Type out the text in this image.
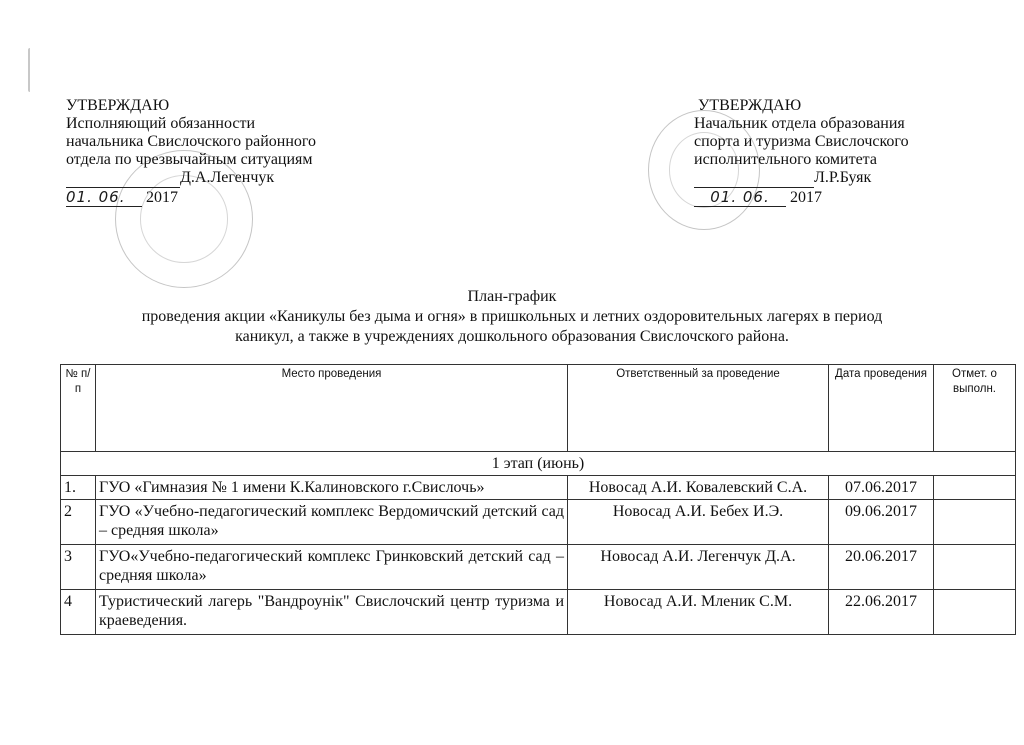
УТВЕРЖДАЮ
Исполняющий обязанности
начальника Свислочского районного
отдела по чрезвычайным ситуациям
Д.А.Легенчук
01. 06. 2017
УТВЕРЖДАЮ
Начальник отдела образования
спорта и туризма Свислочского
исполнительного комитета
Л.Р.Буяк
01. 06. 2017
План-график
проведения акции «Каникулы без дыма и огня» в пришкольных и летних оздоровительных лагерях в период
каникул, а также в учреждениях дошкольного образования Свислочского района.
№ п/п	Место проведения	Ответственный за проведение	Дата проведения	Отмет. о выполн.
1 этап (июнь)				
1.	ГУО «Гимназия № 1 имени К.Калиновского г.Свислочь»	Новосад А.И. Ковалевский С.А.	07.06.2017	
2	ГУО «Учебно-педагогический комплекс Вердомичский детский сад – средняя школа»	Новосад А.И. Бебех И.Э.	09.06.2017	
3	ГУО«Учебно-педагогический комплекс Гринковский детский сад – средняя школа»	Новосад А.И. Легенчук Д.А.	20.06.2017	
4	Туристический лагерь "Вандроунік" Свислочский центр туризма и краеведения.	Новосад А.И. Мленик С.М.	22.06.2017	
